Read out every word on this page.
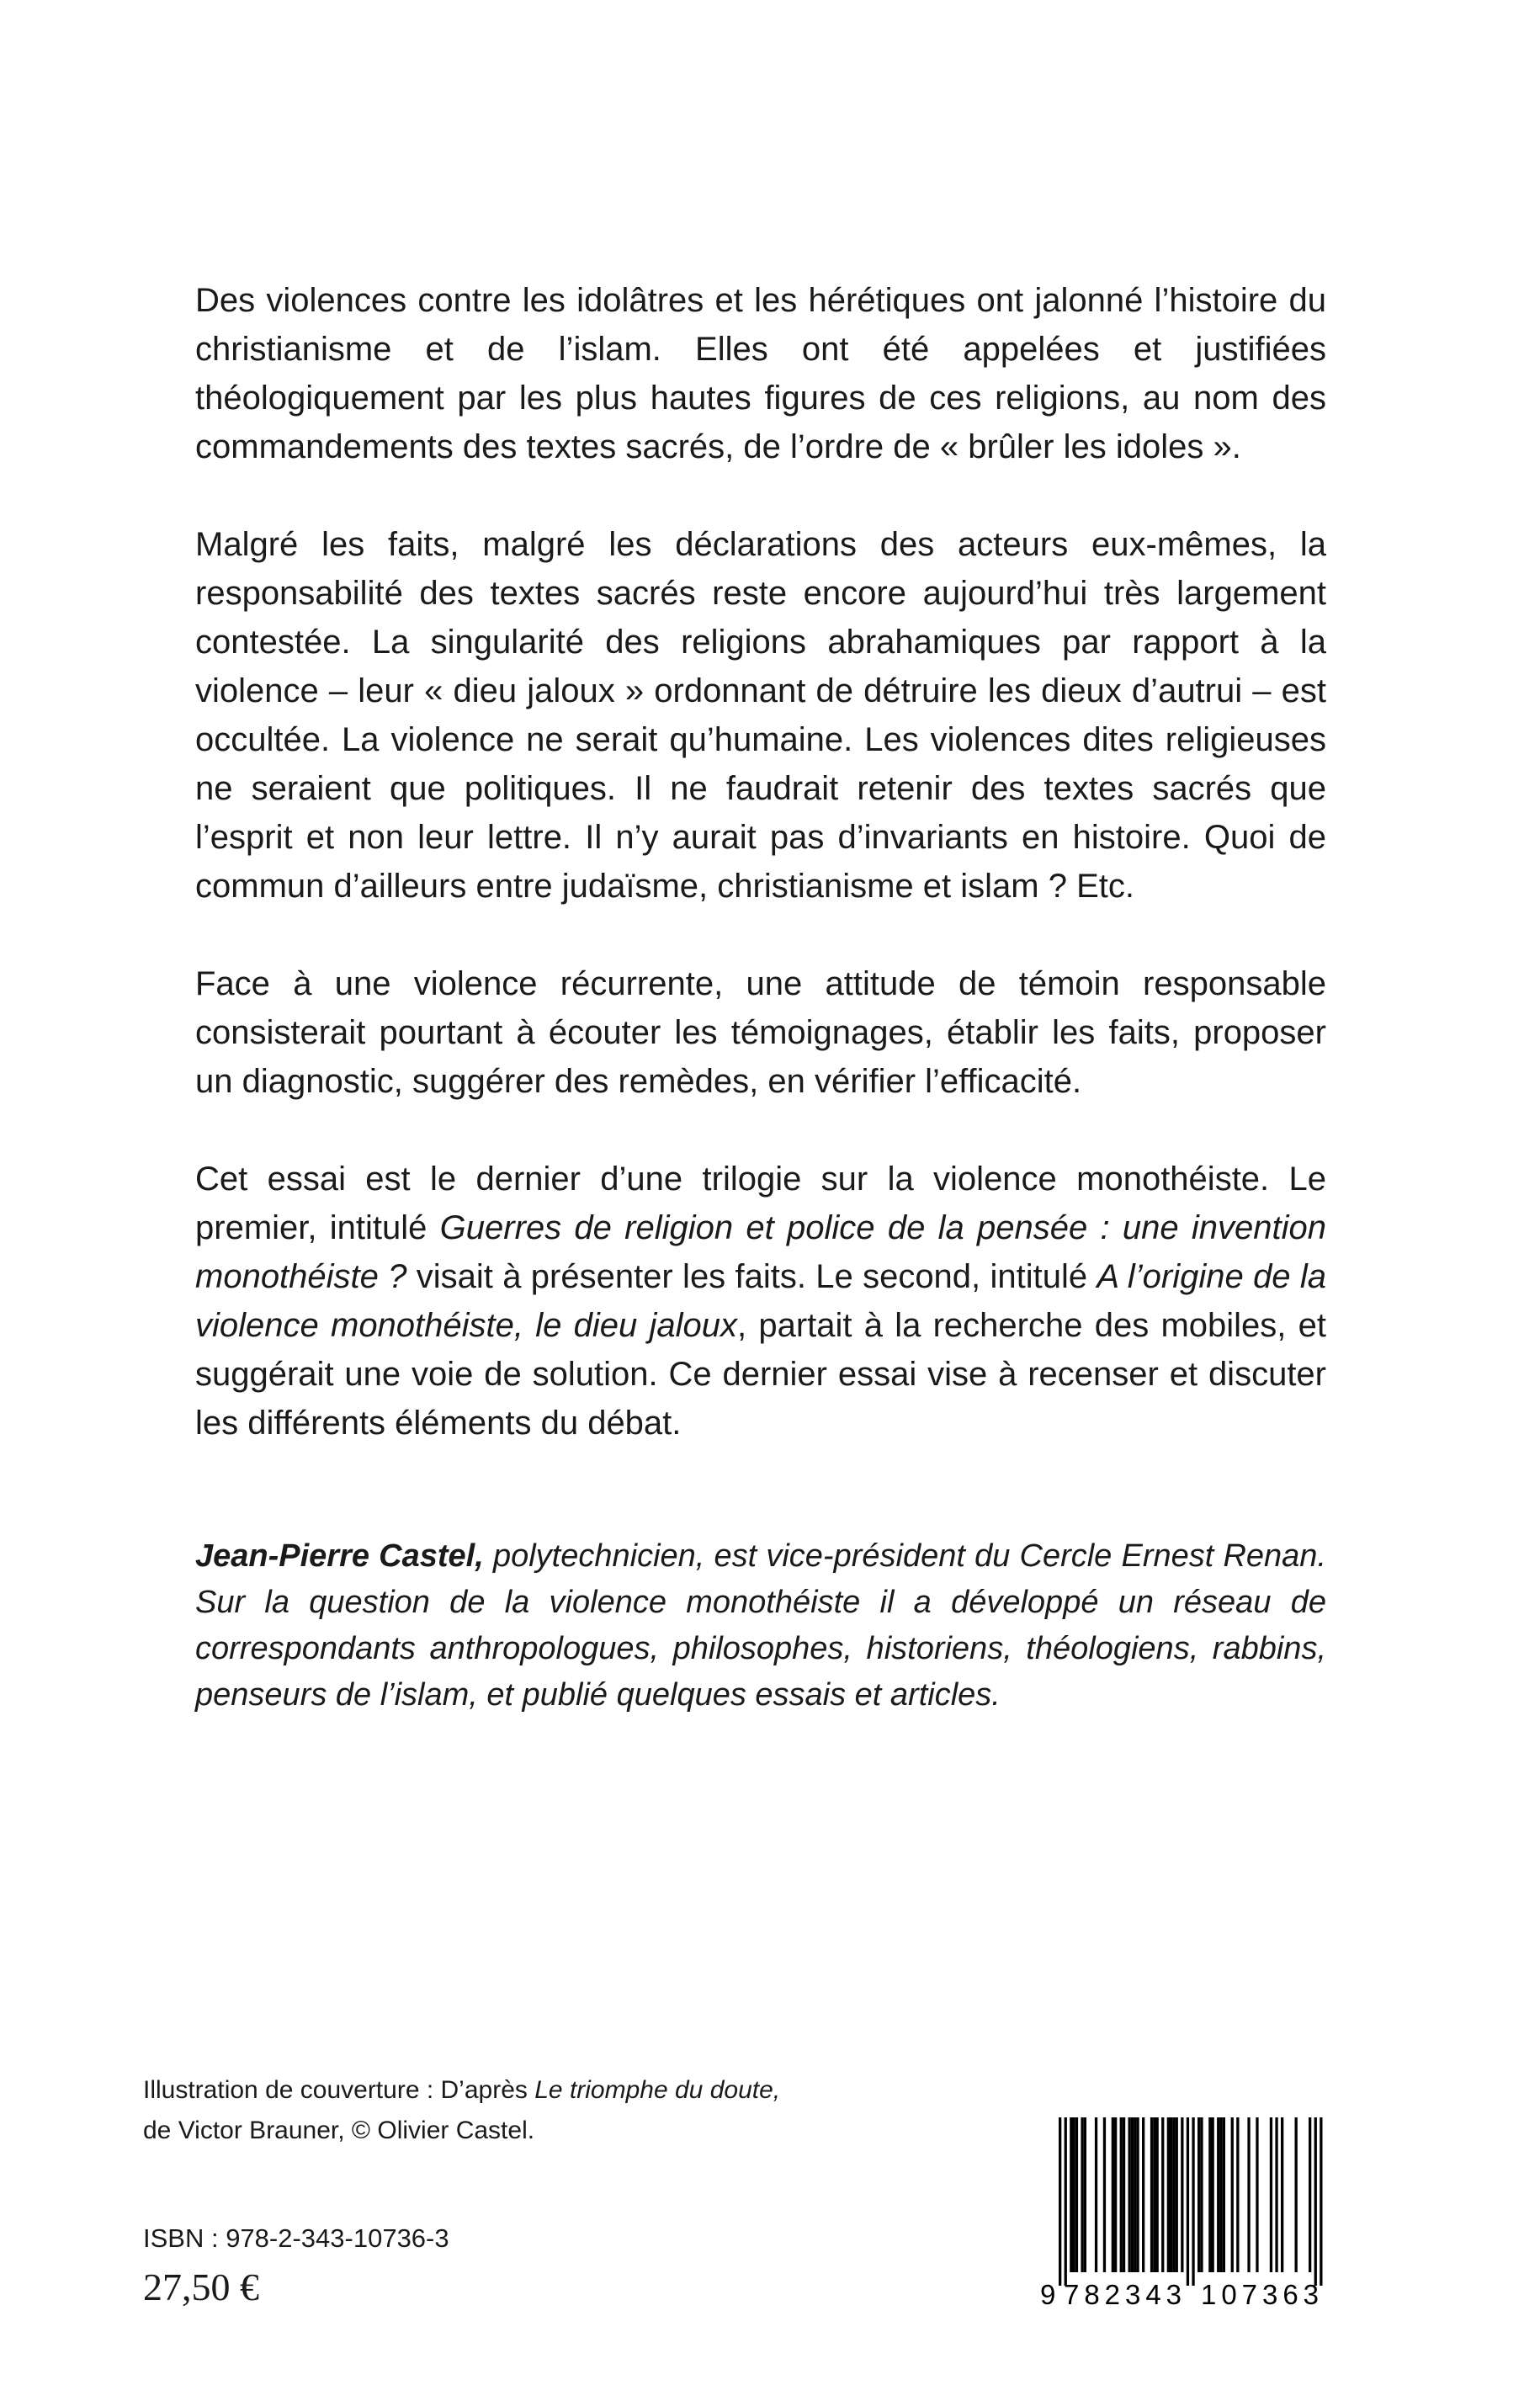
Des violences contre les idolâtres et les hérétiques ont jalonné l’histoire du christianisme et de l’islam. Elles ont été appelées et justifiées théologiquement par les plus hautes figures de ces religions, au nom des commandements des textes sacrés, de l’ordre de « brûler les idoles ».

Malgré les faits, malgré les déclarations des acteurs eux-mêmes, la responsabilité des textes sacrés reste encore aujourd’hui très largement contestée. La singularité des religions abrahamiques par rapport à la violence – leur « dieu jaloux » ordonnant de détruire les dieux d’autrui – est occultée. La violence ne serait qu’humaine. Les violences dites religieuses ne seraient que politiques. Il ne faudrait retenir des textes sacrés que l’esprit et non leur lettre. Il n’y aurait pas d’invariants en histoire. Quoi de commun d’ailleurs entre judaïsme, christianisme et islam ? Etc.

Face à une violence récurrente, une attitude de témoin responsable consisterait pourtant à écouter les témoignages, établir les faits, proposer un diagnostic, suggérer des remèdes, en vérifier l’efficacité.

Cet essai est le dernier d’une trilogie sur la violence monothéiste. Le premier, intitulé Guerres de religion et police de la pensée : une invention monothéiste ? visait à présenter les faits. Le second, intitulé A l’origine de la violence monothéiste, le dieu jaloux, partait à la recherche des mobiles, et suggérait une voie de solution. Ce dernier essai vise à recenser et discuter les différents éléments du débat.

Jean-Pierre Castel, polytechnicien, est vice-président du Cercle Ernest Renan. Sur la question de la violence monothéiste il a développé un réseau de correspondants anthropologues, philosophes, historiens, théologiens, rabbins, penseurs de l’islam, et publié quelques essais et articles.

Illustration de couverture : D’après Le triomphe du doute,
de Victor Brauner, © Olivier Castel.

ISBN : 978-2-343-10736-3

27,50 €	9 782343 107363
